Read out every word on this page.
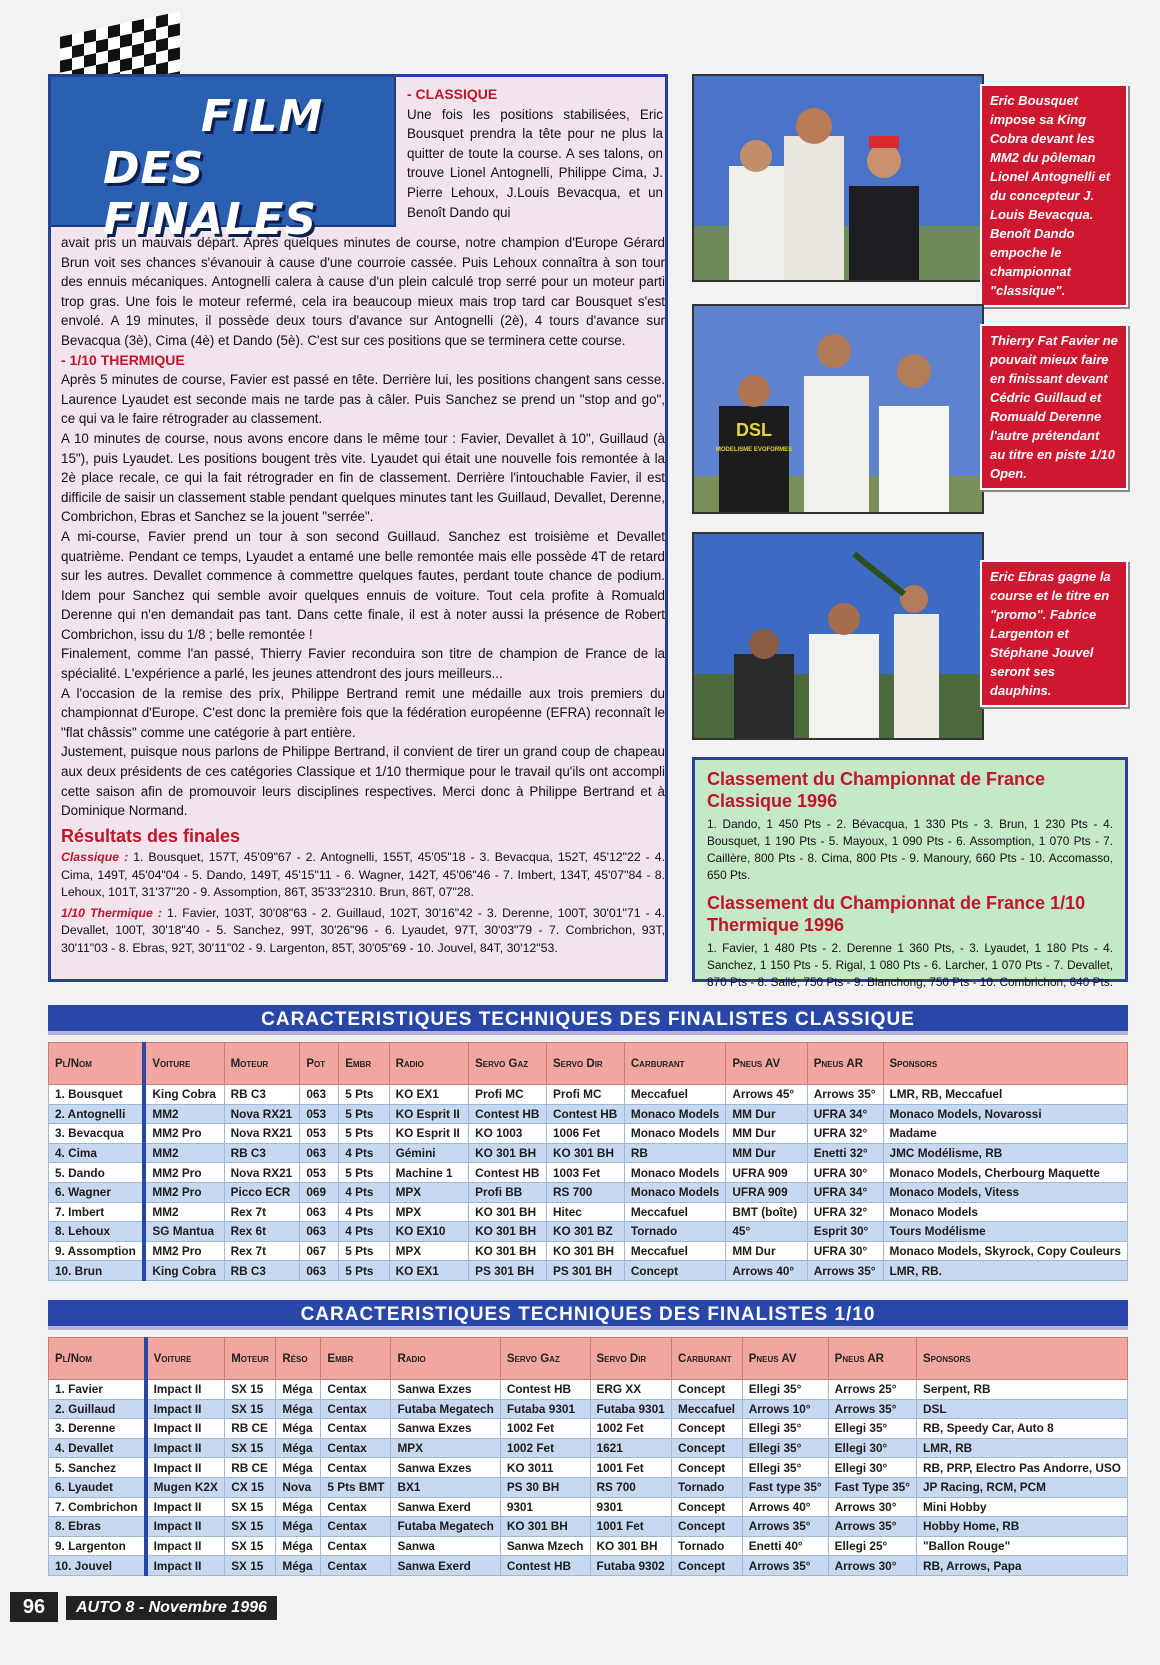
FILM
DES FINALES
- CLASSIQUE

Une fois les positions stabilisées, Eric Bousquet prendra la tête pour ne plus la quitter de toute la course. A ses talons, on trouve Lionel Antognelli, Philippe Cima, J. Pierre Lehoux, J.Louis Bevacqua, et un Benoît Dando qui

avait pris un mauvais départ. Après quelques minutes de course, notre champion d'Europe Gérard Brun voit ses chances s'évanouir à cause d'une courroie cassée. Puis Lehoux connaîtra à son tour des ennuis mécaniques. Antognelli calera à cause d'un plein calculé trop serré pour un moteur parti trop gras. Une fois le moteur refermé, cela ira beaucoup mieux mais trop tard car Bousquet s'est envolé. A 19 minutes, il possède deux tours d'avance sur Antognelli (2è), 4 tours d'avance sur Bevacqua (3è), Cima (4è) et Dando (5è). C'est sur ces positions que se terminera cette course.

- 1/10 THERMIQUE

Après 5 minutes de course, Favier est passé en tête. Derrière lui, les positions changent sans cesse. Laurence Lyaudet est seconde mais ne tarde pas à câler. Puis Sanchez se prend un "stop and go", ce qui va le faire rétrograder au classement.

A 10 minutes de course, nous avons encore dans le même tour : Favier, Devallet à 10", Guillaud (à 15"), puis Lyaudet. Les positions bougent très vite. Lyaudet qui était une nouvelle fois remontée à la 2è place recale, ce qui la fait rétrograder en fin de classement. Derrière l'intouchable Favier, il est difficile de saisir un classement stable pendant quelques minutes tant les Guillaud, Devallet, Derenne, Combrichon, Ebras et Sanchez se la jouent "serrée".

A mi-course, Favier prend un tour à son second Guillaud. Sanchez est troisième et Devallet quatrième. Pendant ce temps, Lyaudet a entamé une belle remontée mais elle possède 4T de retard sur les autres. Devallet commence à commettre quelques fautes, perdant toute chance de podium. Idem pour Sanchez qui semble avoir quelques ennuis de voiture. Tout cela profite à Romuald Derenne qui n'en demandait pas tant. Dans cette finale, il est à noter aussi la présence de Robert Combrichon, issu du 1/8 ; belle remontée !

Finalement, comme l'an passé, Thierry Favier reconduira son titre de champion de France de la spécialité. L'expérience a parlé, les jeunes attendront des jours meilleurs...

A l'occasion de la remise des prix, Philippe Bertrand remit une médaille aux trois premiers du championnat d'Europe. C'est donc la première fois que la fédération européenne (EFRA) reconnaît le "flat châssis" comme une catégorie à part entière.

Justement, puisque nous parlons de Philippe Bertrand, il convient de tirer un grand coup de chapeau aux deux présidents de ces catégories Classique et 1/10 thermique pour le travail qu'ils ont accompli cette saison afin de promouvoir leurs disciplines respectives. Merci donc à Philippe Bertrand et à Dominique Normand.

Résultats des finales
Classique : 1. Bousquet, 157T, 45'09"67 - 2. Antognelli, 155T, 45'05"18 - 3. Bevacqua, 152T, 45'12"22 - 4. Cima, 149T, 45'04"04 - 5. Dando, 149T, 45'15"11 - 6. Wagner, 142T, 45'06"46 - 7. Imbert, 134T, 45'07"84 - 8. Lehoux, 101T, 31'37"20 - 9. Assomption, 86T, 35'33"2310. Brun, 86T, 07"28.
1/10 Thermique : 1. Favier, 103T, 30'08"63 - 2. Guillaud, 102T, 30'16"42 - 3. Derenne, 100T, 30'01"71 - 4. Devallet, 100T, 30'18"40 - 5. Sanchez, 99T, 30'26"96 - 6. Lyaudet, 97T, 30'03"79 - 7. Combrichon, 93T, 30'11"03 - 8. Ebras, 92T, 30'11"02 - 9. Largenton, 85T, 30'05"69 - 10. Jouvel, 84T, 30'12"53.
Eric Bousquet impose sa King Cobra devant les MM2 du pôleman Lionel Antognelli et du concepteur J. Louis Bevacqua. Benoît Dando empoche le championnat "classique".
DSL
MODELISME EVOFORMES
Thierry Fat Favier ne pouvait mieux faire en finissant devant Cédric Guillaud et Romuald Derenne l'autre prétendant au titre en piste 1/10 Open.
Eric Ebras gagne la course et le titre en "promo". Fabrice Largenton et Stéphane Jouvel seront ses dauphins.
Classement du Championnat de France Classique 1996
1. Dando, 1 450 Pts - 2. Bévacqua, 1 330 Pts - 3. Brun, 1 230 Pts - 4. Bousquet, 1 190 Pts - 5. Mayoux, 1 090 Pts - 6. Assomption, 1 070 Pts - 7. Caillère, 800 Pts - 8. Cima, 800 Pts - 9. Manoury, 660 Pts - 10. Accomasso, 650 Pts.
Classement du Championnat de France 1/10 Thermique 1996
1. Favier, 1 480 Pts - 2. Derenne 1 360 Pts, - 3. Lyaudet, 1 180 Pts - 4. Sanchez, 1 150 Pts - 5. Rigal, 1 080 Pts - 6. Larcher, 1 070 Pts - 7. Devallet, 870 Pts - 8. Sallé, 750 Pts - 9. Blanchong, 750 Pts - 10. Combrichon, 640 Pts.
CARACTERISTIQUES TECHNIQUES DES FINALISTES CLASSIQUE
Pl/Nom	Voiture	Moteur	Pot	Embr	Radio	Servo Gaz	Servo Dir	Carburant	Pneus AV	Pneus AR	Sponsors
1. Bousquet	King Cobra	RB C3	063	5 Pts	KO EX1	Profi MC	Profi MC	Meccafuel	Arrows 45°	Arrows 35°	LMR, RB, Meccafuel
2. Antognelli	MM2	Nova RX21	053	5 Pts	KO Esprit II	Contest HB	Contest HB	Monaco Models	MM Dur	UFRA 34°	Monaco Models, Novarossi
3. Bevacqua	MM2 Pro	Nova RX21	053	5 Pts	KO Esprit II	KO 1003	1006 Fet	Monaco Models	MM Dur	UFRA 32°	Madame
4. Cima	MM2	RB C3	063	4 Pts	Gémini	KO 301 BH	KO 301 BH	RB	MM Dur	Enetti 32°	JMC Modélisme, RB
5. Dando	MM2 Pro	Nova RX21	053	5 Pts	Machine 1	Contest HB	1003 Fet	Monaco Models	UFRA 909	UFRA 30°	Monaco Models, Cherbourg Maquette
6. Wagner	MM2 Pro	Picco ECR	069	4 Pts	MPX	Profi BB	RS 700	Monaco Models	UFRA 909	UFRA 34°	Monaco Models, Vitess
7. Imbert	MM2	Rex 7t	063	4 Pts	MPX	KO 301 BH	Hitec	Meccafuel	BMT (boîte)	UFRA 32°	Monaco Models
8. Lehoux	SG Mantua	Rex 6t	063	4 Pts	KO EX10	KO 301 BH	KO 301 BZ	Tornado	45°	Esprit 30°	Tours Modélisme
9. Assomption	MM2 Pro	Rex 7t	067	5 Pts	MPX	KO 301 BH	KO 301 BH	Meccafuel	MM Dur	UFRA 30°	Monaco Models, Skyrock, Copy Couleurs
10. Brun	King Cobra	RB C3	063	5 Pts	KO EX1	PS 301 BH	PS 301 BH	Concept	Arrows 40°	Arrows 35°	LMR, RB.
CARACTERISTIQUES TECHNIQUES DES FINALISTES 1/10
Pl/Nom	Voiture	Moteur	Réso	Embr	Radio	Servo Gaz	Servo Dir	Carburant	Pneus AV	Pneus AR	Sponsors
1. Favier	Impact II	SX 15	Méga	Centax	Sanwa Exzes	Contest HB	ERG XX	Concept	Ellegi 35°	Arrows 25°	Serpent, RB
2. Guillaud	Impact II	SX 15	Méga	Centax	Futaba Megatech	Futaba 9301	Futaba 9301	Meccafuel	Arrows 10°	Arrows 35°	DSL
3. Derenne	Impact II	RB CE	Méga	Centax	Sanwa Exzes	1002 Fet	1002 Fet	Concept	Ellegi 35°	Ellegi 35°	RB, Speedy Car, Auto 8
4. Devallet	Impact II	SX 15	Méga	Centax	MPX	1002 Fet	1621	Concept	Ellegi 35°	Ellegi 30°	LMR, RB
5. Sanchez	Impact II	RB CE	Méga	Centax	Sanwa Exzes	KO 3011	1001 Fet	Concept	Ellegi 35°	Ellegi 30°	RB, PRP, Electro Pas Andorre, USO
6. Lyaudet	Mugen K2X	CX 15	Nova	5 Pts BMT	BX1	PS 30 BH	RS 700	Tornado	Fast type 35°	Fast Type 35°	JP Racing, RCM, PCM
7. Combrichon	Impact II	SX 15	Méga	Centax	Sanwa Exerd	9301	9301	Concept	Arrows 40°	Arrows 30°	Mini Hobby
8. Ebras	Impact II	SX 15	Méga	Centax	Futaba Megatech	KO 301 BH	1001 Fet	Concept	Arrows 35°	Arrows 35°	Hobby Home, RB
9. Largenton	Impact II	SX 15	Méga	Centax	Sanwa	Sanwa Mzech	KO 301 BH	Tornado	Enetti 40°	Ellegi 25°	"Ballon Rouge"
10. Jouvel	Impact II	SX 15	Méga	Centax	Sanwa Exerd	Contest HB	Futaba 9302	Concept	Arrows 35°	Arrows 30°	RB, Arrows, Papa
96	AUTO 8 - Novembre 1996
